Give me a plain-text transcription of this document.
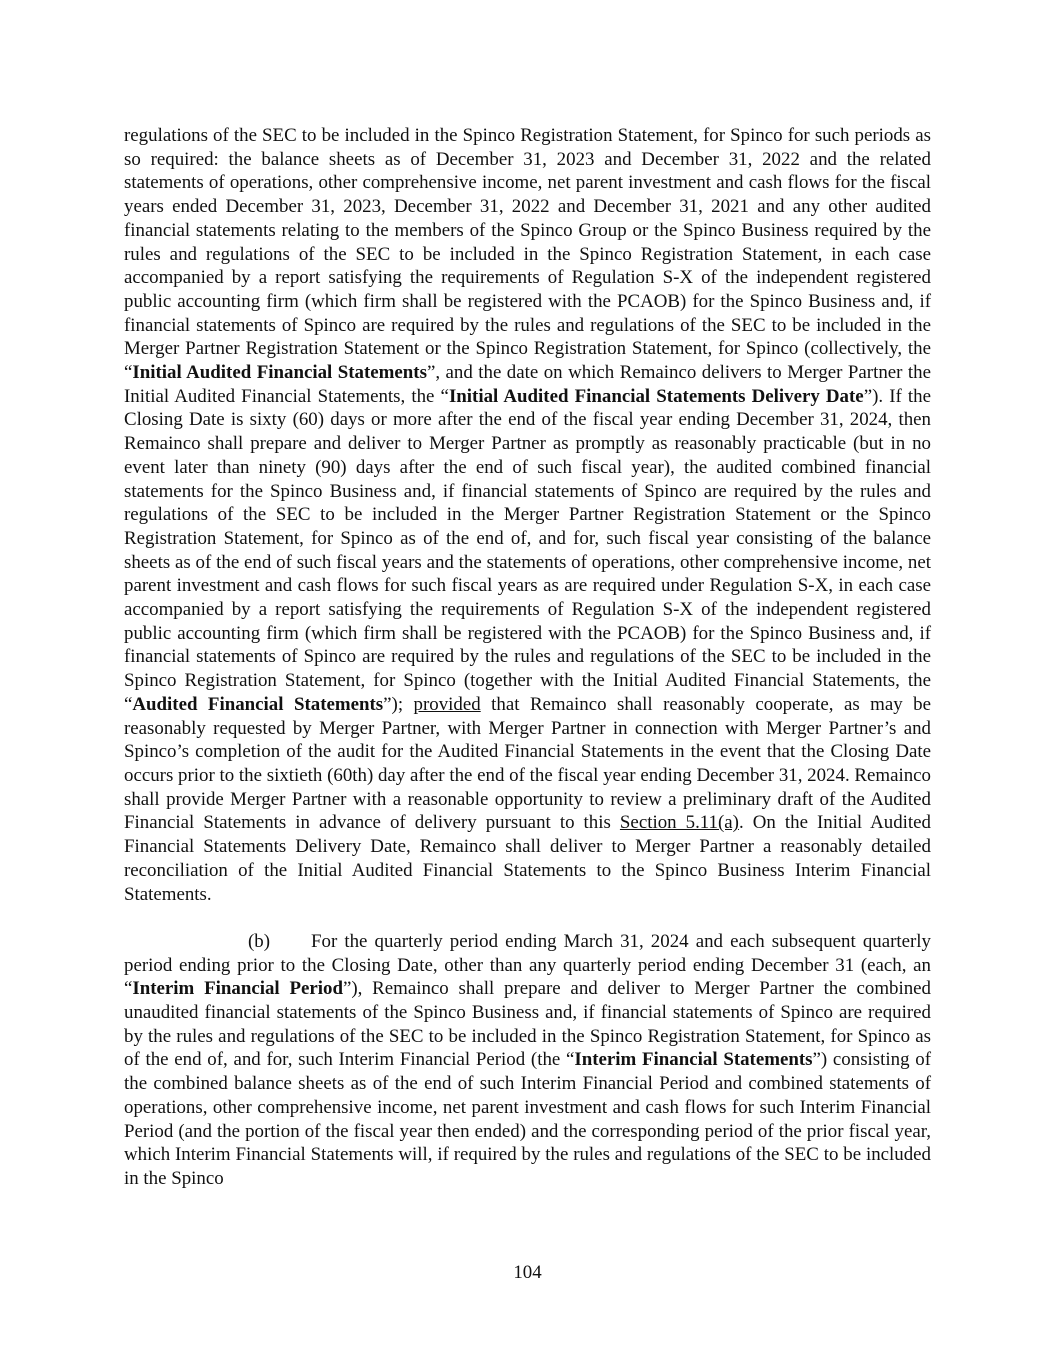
regulations of the SEC to be included in the Spinco Registration Statement, for Spinco for such periods as so required: the balance sheets as of December 31, 2023 and December 31, 2022 and the related statements of operations, other comprehensive income, net parent investment and cash flows for the fiscal years ended December 31, 2023, December 31, 2022 and December 31, 2021 and any other audited financial statements relating to the members of the Spinco Group or the Spinco Business required by the rules and regulations of the SEC to be included in the Spinco Registration Statement, in each case accompanied by a report satisfying the requirements of Regulation S-X of the independent registered public accounting firm (which firm shall be registered with the PCAOB) for the Spinco Business and, if financial statements of Spinco are required by the rules and regulations of the SEC to be included in the Merger Partner Registration Statement or the Spinco Registration Statement, for Spinco (collectively, the “Initial Audited Financial Statements”, and the date on which Remainco delivers to Merger Partner the Initial Audited Financial Statements, the “Initial Audited Financial Statements Delivery Date”). If the Closing Date is sixty (60) days or more after the end of the fiscal year ending December 31, 2024, then Remainco shall prepare and deliver to Merger Partner as promptly as reasonably practicable (but in no event later than ninety (90) days after the end of such fiscal year), the audited combined financial statements for the Spinco Business and, if financial statements of Spinco are required by the rules and regulations of the SEC to be included in the Merger Partner Registration Statement or the Spinco Registration Statement, for Spinco as of the end of, and for, such fiscal year consisting of the balance sheets as of the end of such fiscal years and the statements of operations, other comprehensive income, net parent investment and cash flows for such fiscal years as are required under Regulation S-X, in each case accompanied by a report satisfying the requirements of Regulation S-X of the independent registered public accounting firm (which firm shall be registered with the PCAOB) for the Spinco Business and, if financial statements of Spinco are required by the rules and regulations of the SEC to be included in the Spinco Registration Statement, for Spinco (together with the Initial Audited Financial Statements, the “Audited Financial Statements”); provided that Remainco shall reasonably cooperate, as may be reasonably requested by Merger Partner, with Merger Partner in connection with Merger Partner’s and Spinco’s completion of the audit for the Audited Financial Statements in the event that the Closing Date occurs prior to the sixtieth (60th) day after the end of the fiscal year ending December 31, 2024. Remainco shall provide Merger Partner with a reasonable opportunity to review a preliminary draft of the Audited Financial Statements in advance of delivery pursuant to this Section 5.11(a). On the Initial Audited Financial Statements Delivery Date, Remainco shall deliver to Merger Partner a reasonably detailed reconciliation of the Initial Audited Financial Statements to the Spinco Business Interim Financial Statements.

(b) For the quarterly period ending March 31, 2024 and each subsequent quarterly period ending prior to the Closing Date, other than any quarterly period ending December 31 (each, an “Interim Financial Period”), Remainco shall prepare and deliver to Merger Partner the combined unaudited financial statements of the Spinco Business and, if financial statements of Spinco are required by the rules and regulations of the SEC to be included in the Spinco Registration Statement, for Spinco as of the end of, and for, such Interim Financial Period (the “Interim Financial Statements”) consisting of the combined balance sheets as of the end of such Interim Financial Period and combined statements of operations, other comprehensive income, net parent investment and cash flows for such Interim Financial Period (and the portion of the fiscal year then ended) and the corresponding period of the prior fiscal year, which Interim Financial Statements will, if required by the rules and regulations of the SEC to be included in the Spinco

104
